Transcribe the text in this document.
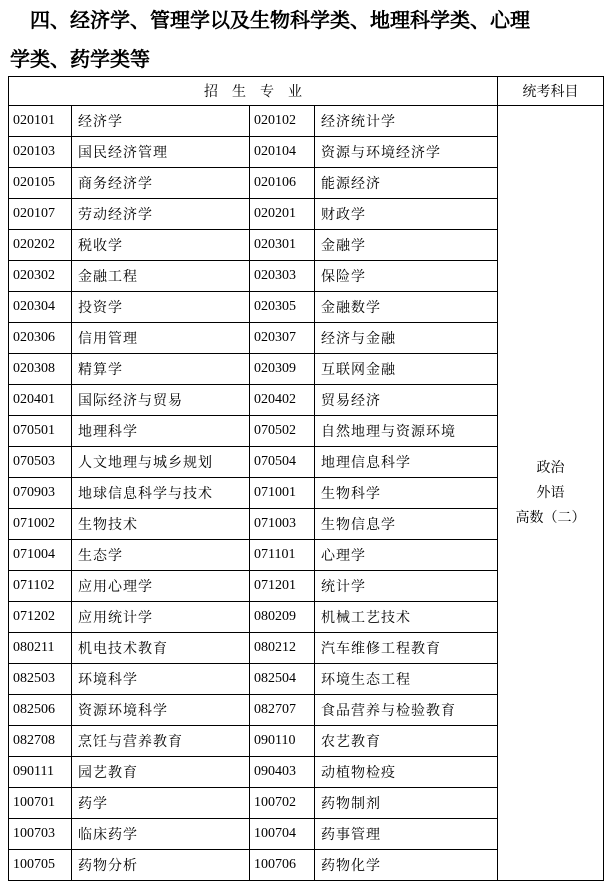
四、经济学、管理学以及生物科学类、地理科学类、心理
学类、药学类等
招生专业				统考科目
020101	经济学	020102	经济统计学	政治
外语
高数（二）

020103	国民经济管理	020104	资源与环境经济学	
020105	商务经济学	020106	能源经济	
020107	劳动经济学	020201	财政学	
020202	税收学	020301	金融学	
020302	金融工程	020303	保险学	
020304	投资学	020305	金融数学	
020306	信用管理	020307	经济与金融	
020308	精算学	020309	互联网金融	
020401	国际经济与贸易	020402	贸易经济	
070501	地理科学	070502	自然地理与资源环境	
070503	人文地理与城乡规划	070504	地理信息科学	
070903	地球信息科学与技术	071001	生物科学	
071002	生物技术	071003	生物信息学	
071004	生态学	071101	心理学	
071102	应用心理学	071201	统计学	
071202	应用统计学	080209	机械工艺技术	
080211	机电技术教育	080212	汽车维修工程教育	
082503	环境科学	082504	环境生态工程	
082506	资源环境科学	082707	食品营养与检验教育	
082708	烹饪与营养教育	090110	农艺教育	
090111	园艺教育	090403	动植物检疫	
100701	药学	100702	药物制剂	
100703	临床药学	100704	药事管理	
100705	药物分析	100706	药物化学	
